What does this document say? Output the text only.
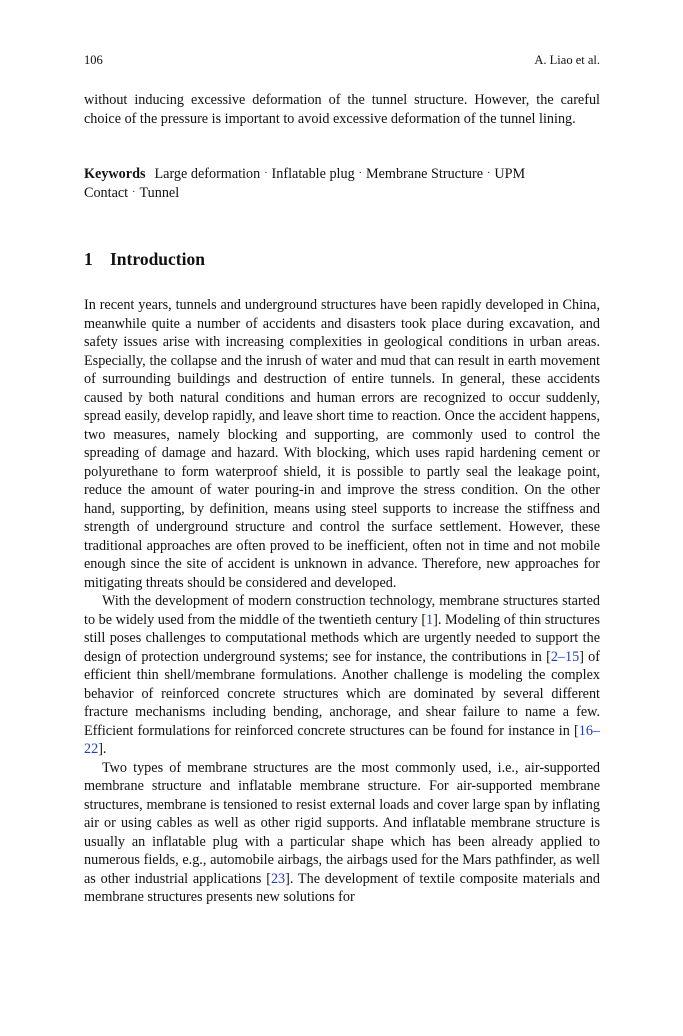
106	A. Liao et al.
without inducing excessive deformation of the tunnel structure. However, the careful choice of the pressure is important to avoid excessive deformation of the tunnel lining.
Keywords Large deformation · Inflatable plug · Membrane Structure · UPM Contact · Tunnel
1 Introduction

In recent years, tunnels and underground structures have been rapidly developed in China, meanwhile quite a number of accidents and disasters took place during excavation, and safety issues arise with increasing complexities in geological conditions in urban areas. Especially, the collapse and the inrush of water and mud that can result in earth movement of surrounding buildings and destruction of entire tunnels. In general, these accidents caused by both natural conditions and human errors are recognized to occur suddenly, spread easily, develop rapidly, and leave short time to reaction. Once the accident happens, two measures, namely blocking and supporting, are commonly used to control the spreading of damage and hazard. With blocking, which uses rapid hardening cement or polyurethane to form waterproof shield, it is possible to partly seal the leakage point, reduce the amount of water pouring-in and improve the stress condition. On the other hand, supporting, by definition, means using steel supports to increase the stiffness and strength of underground structure and control the surface settlement. However, these traditional approaches are often proved to be inefficient, often not in time and not mobile enough since the site of accident is unknown in advance. Therefore, new approaches for mitigating threats should be considered and developed.

With the development of modern construction technology, membrane structures started to be widely used from the middle of the twentieth century [1]. Modeling of thin structures still poses challenges to computational methods which are urgently needed to support the design of protection underground systems; see for instance, the contributions in [2–15] of efficient thin shell/membrane formulations. Another challenge is modeling the complex behavior of reinforced concrete structures which are dominated by several different fracture mechanisms including bending, anchorage, and shear failure to name a few. Efficient formulations for reinforced concrete structures can be found for instance in [16–22].

Two types of membrane structures are the most commonly used, i.e., air-supported membrane structure and inflatable membrane structure. For air-supported membrane structures, membrane is tensioned to resist external loads and cover large span by inflating air or using cables as well as other rigid supports. And inflatable membrane structure is usually an inflatable plug with a particular shape which has been already applied to numerous fields, e.g., automobile airbags, the airbags used for the Mars pathfinder, as well as other industrial applications [23]. The development of textile composite materials and membrane structures presents new solutions for
